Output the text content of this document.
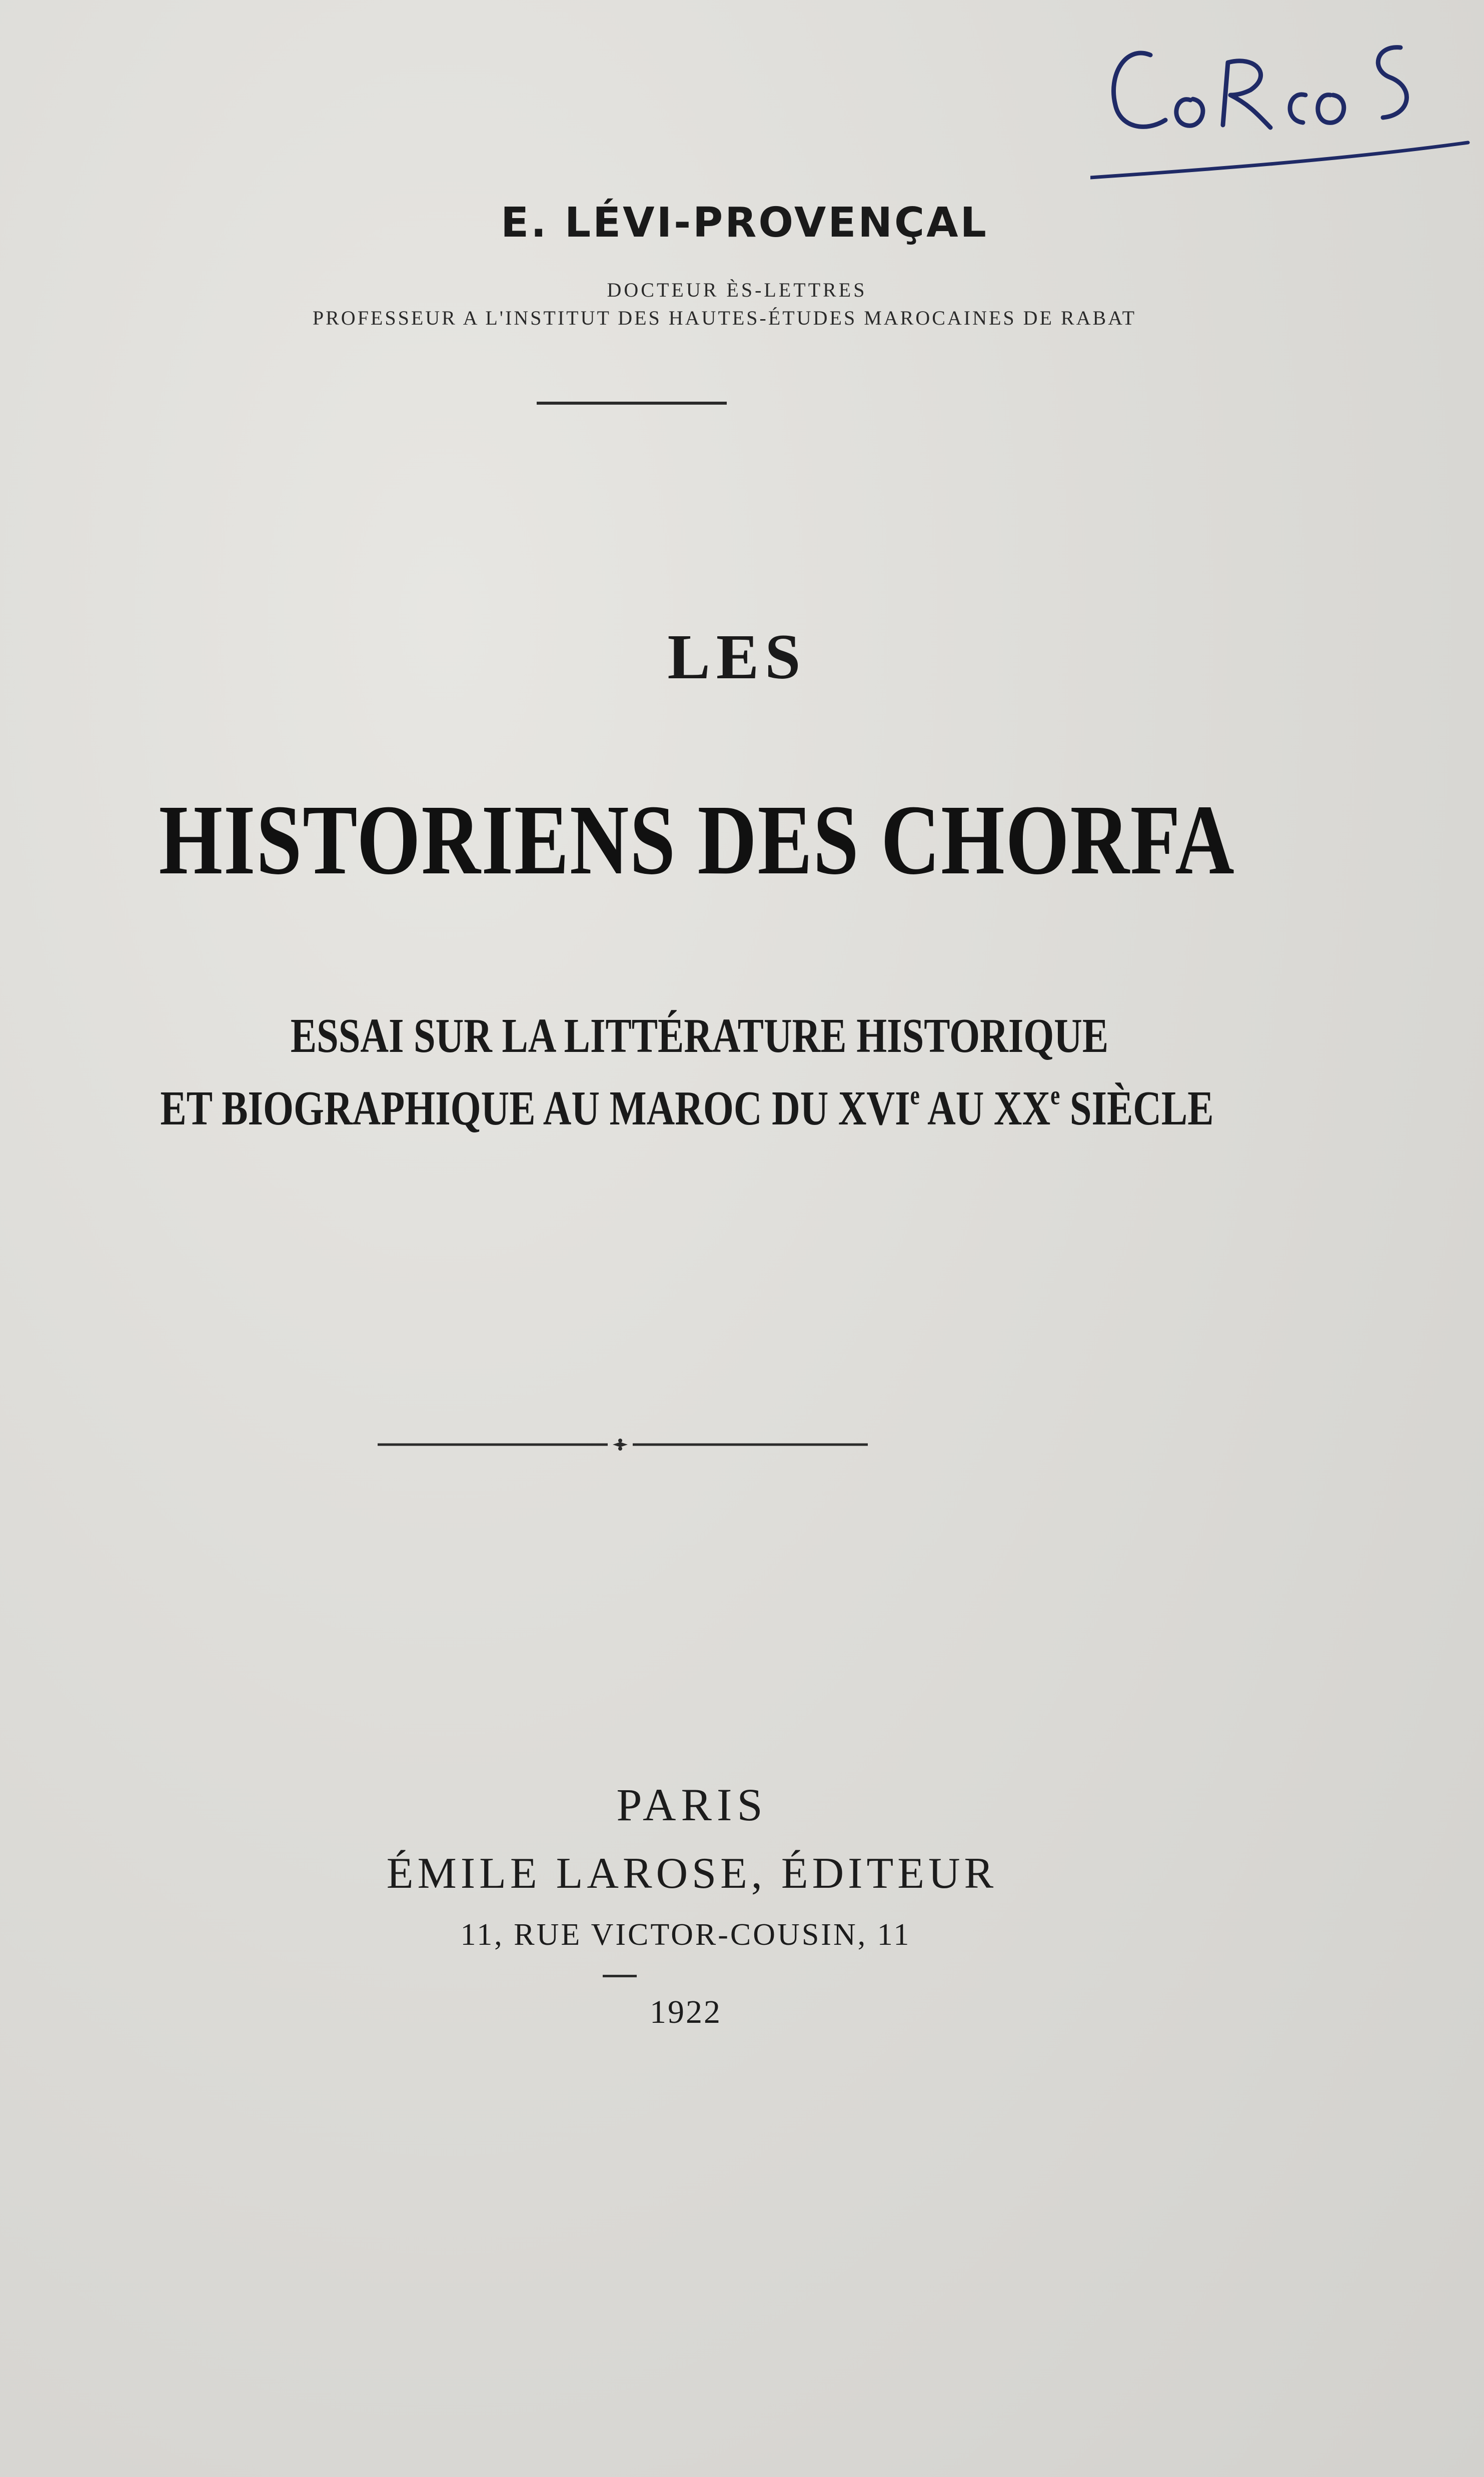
E. LÉVI-PROVENÇAL
DOCTEUR ÈS-LETTRES
PROFESSEUR A L'INSTITUT DES HAUTES-ÉTUDES MAROCAINES DE RABAT
LES
HISTORIENS DES CHORFA
ESSAI SUR LA LITTÉRATURE HISTORIQUE
ET BIOGRAPHIQUE AU MAROC DU XVIe AU XXe SIÈCLE
PARIS
ÉMILE LAROSE, ÉDITEUR
11, RUE VICTOR-COUSIN, 11
1922
